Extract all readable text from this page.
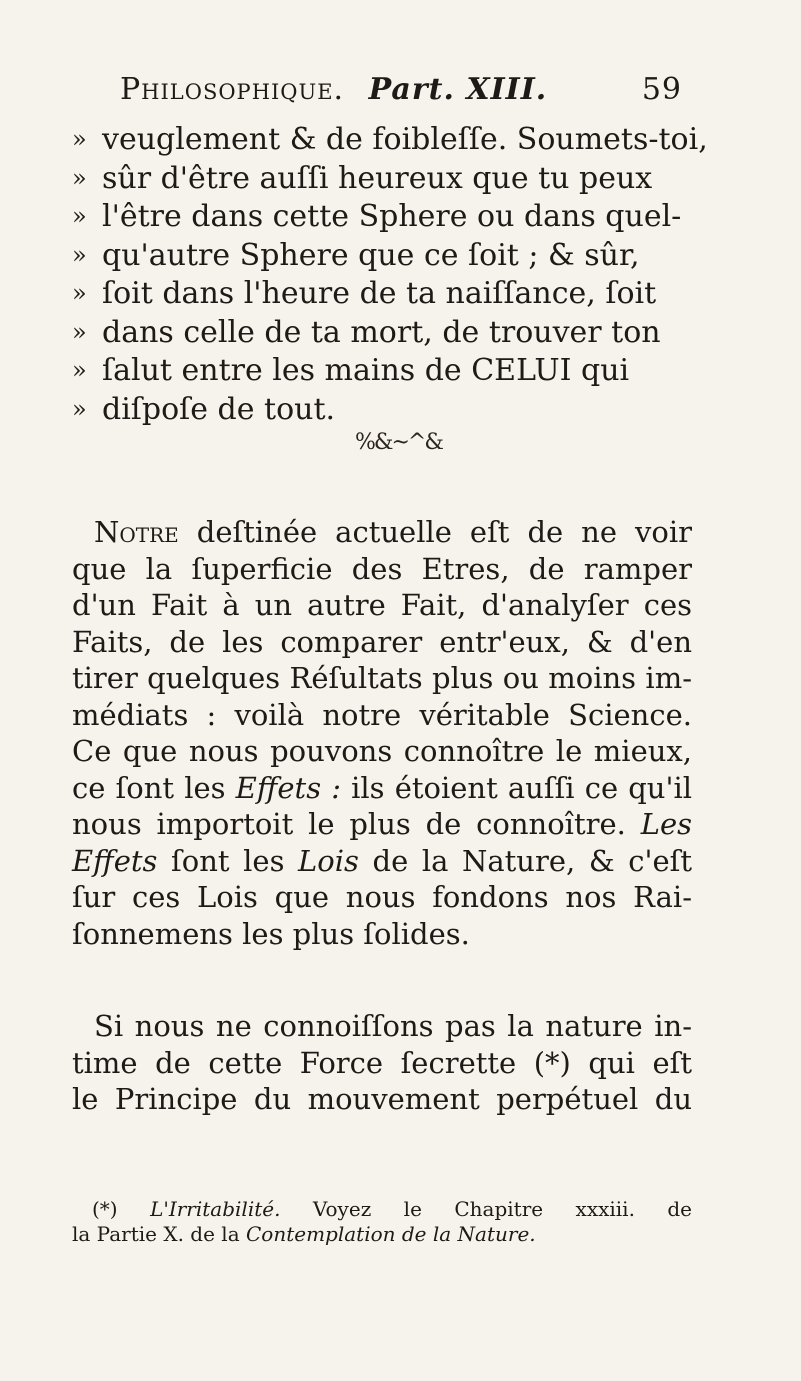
Philosophique. Part. XIII.	59
» veuglement & de foibleſſe. Soumets-toi,
» sûr d'être auſſi heureux que tu peux
» l'être dans cette Sphere ou dans quel-
» qu'autre Sphere que ce ſoit ; & sûr,
» ſoit dans l'heure de ta naiſſance, ſoit
» dans celle de ta mort, de trouver ton
» ſalut entre les mains de CELUI qui
» diſpoſe de tout.
%&~^&
Notre deſtinée actuelle eſt de ne voir
que la ſuperficie des Etres, de ramper
d'un Fait à un autre Fait, d'analyſer ces
Faits, de les comparer entr'eux, & d'en
tirer quelques Réſultats plus ou moins im-
médiats : voilà notre véritable Science.
Ce que nous pouvons connoître le mieux,
ce ſont les Effets : ils étoient auſſi ce qu'il
nous importoit le plus de connoître. Les
Effets ſont les Lois de la Nature, & c'eſt
ſur ces Lois que nous fondons nos Rai-
ſonnemens les plus ſolides.
Si nous ne connoiſſons pas la nature in-
time de cette Force ſecrette (*) qui eſt
le Principe du mouvement perpétuel du
(*) L'Irritabilité. Voyez le Chapitre xxxiii. de
la Partie X. de la Contemplation de la Nature.
